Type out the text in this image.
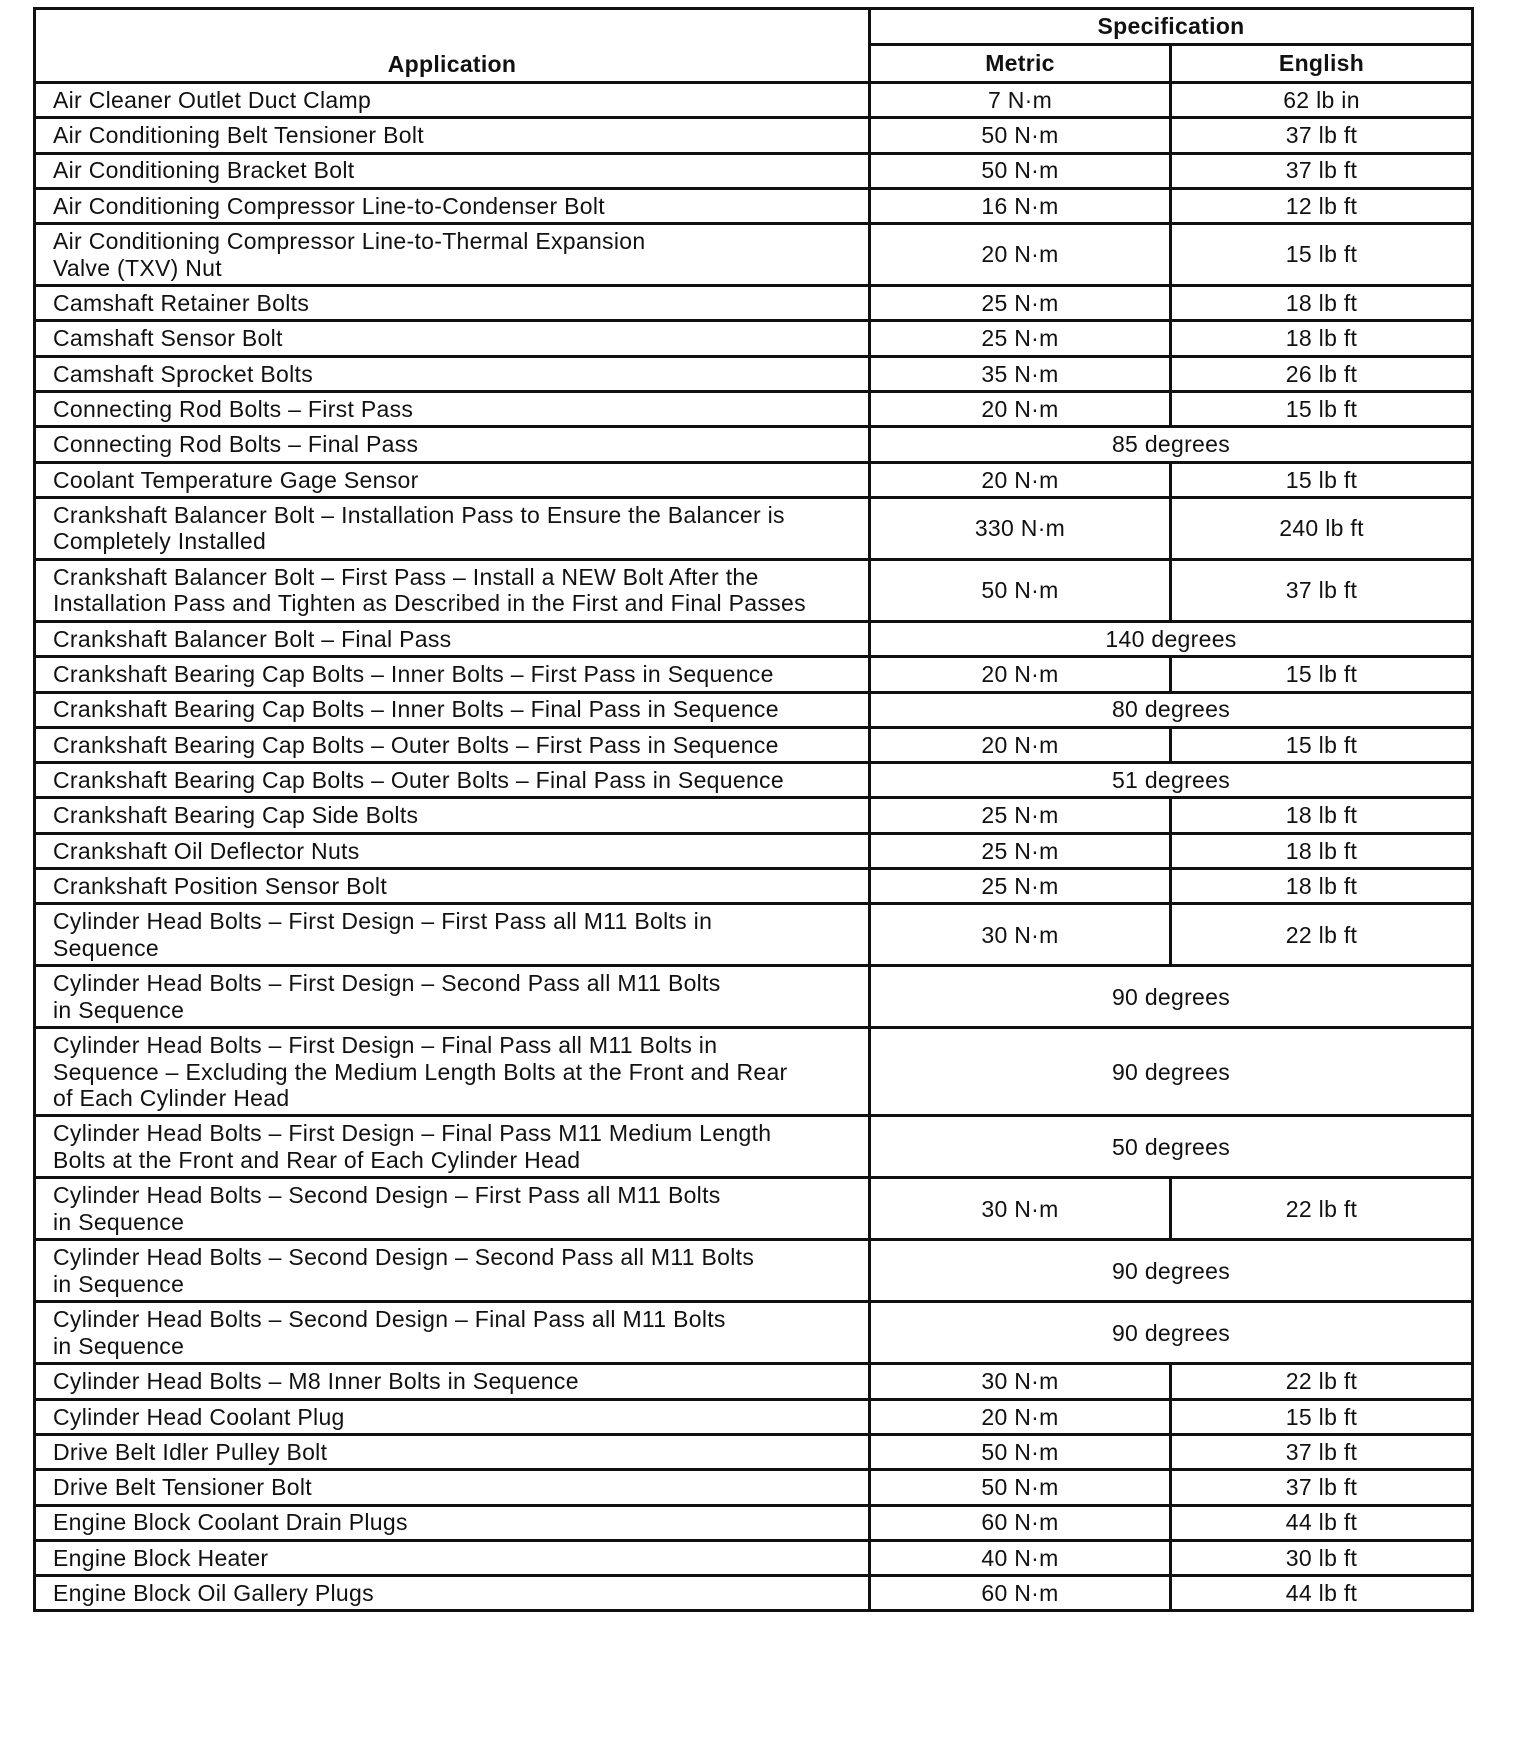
Application	Specification	
	Metric	English
Air Cleaner Outlet Duct Clamp	7 N·m	62 lb in
Air Conditioning Belt Tensioner Bolt	50 N·m	37 lb ft
Air Conditioning Bracket Bolt	50 N·m	37 lb ft
Air Conditioning Compressor Line-to-Condenser Bolt	16 N·m	12 lb ft
Air Conditioning Compressor Line-to-Thermal Expansion
Valve (TXV) Nut	20 N·m	15 lb ft
Camshaft Retainer Bolts	25 N·m	18 lb ft
Camshaft Sensor Bolt	25 N·m	18 lb ft
Camshaft Sprocket Bolts	35 N·m	26 lb ft
Connecting Rod Bolts – First Pass	20 N·m	15 lb ft
Connecting Rod Bolts – Final Pass	85 degrees	
Coolant Temperature Gage Sensor	20 N·m	15 lb ft
Crankshaft Balancer Bolt – Installation Pass to Ensure the Balancer is
Completely Installed	330 N·m	240 lb ft
Crankshaft Balancer Bolt – First Pass – Install a NEW Bolt After the
Installation Pass and Tighten as Described in the First and Final Passes	50 N·m	37 lb ft
Crankshaft Balancer Bolt – Final Pass	140 degrees	
Crankshaft Bearing Cap Bolts – Inner Bolts – First Pass in Sequence	20 N·m	15 lb ft
Crankshaft Bearing Cap Bolts – Inner Bolts – Final Pass in Sequence	80 degrees	
Crankshaft Bearing Cap Bolts – Outer Bolts – First Pass in Sequence	20 N·m	15 lb ft
Crankshaft Bearing Cap Bolts – Outer Bolts – Final Pass in Sequence	51 degrees	
Crankshaft Bearing Cap Side Bolts	25 N·m	18 lb ft
Crankshaft Oil Deflector Nuts	25 N·m	18 lb ft
Crankshaft Position Sensor Bolt	25 N·m	18 lb ft
Cylinder Head Bolts – First Design – First Pass all M11 Bolts in
Sequence	30 N·m	22 lb ft
Cylinder Head Bolts – First Design – Second Pass all M11 Bolts
in Sequence	90 degrees	
Cylinder Head Bolts – First Design – Final Pass all M11 Bolts in
Sequence – Excluding the Medium Length Bolts at the Front and Rear
of Each Cylinder Head	90 degrees	
Cylinder Head Bolts – First Design – Final Pass M11 Medium Length
Bolts at the Front and Rear of Each Cylinder Head	50 degrees	
Cylinder Head Bolts – Second Design – First Pass all M11 Bolts
in Sequence	30 N·m	22 lb ft
Cylinder Head Bolts – Second Design – Second Pass all M11 Bolts
in Sequence	90 degrees	
Cylinder Head Bolts – Second Design – Final Pass all M11 Bolts
in Sequence	90 degrees	
Cylinder Head Bolts – M8 Inner Bolts in Sequence	30 N·m	22 lb ft
Cylinder Head Coolant Plug	20 N·m	15 lb ft
Drive Belt Idler Pulley Bolt	50 N·m	37 lb ft
Drive Belt Tensioner Bolt	50 N·m	37 lb ft
Engine Block Coolant Drain Plugs	60 N·m	44 lb ft
Engine Block Heater	40 N·m	30 lb ft
Engine Block Oil Gallery Plugs	60 N·m	44 lb ft
